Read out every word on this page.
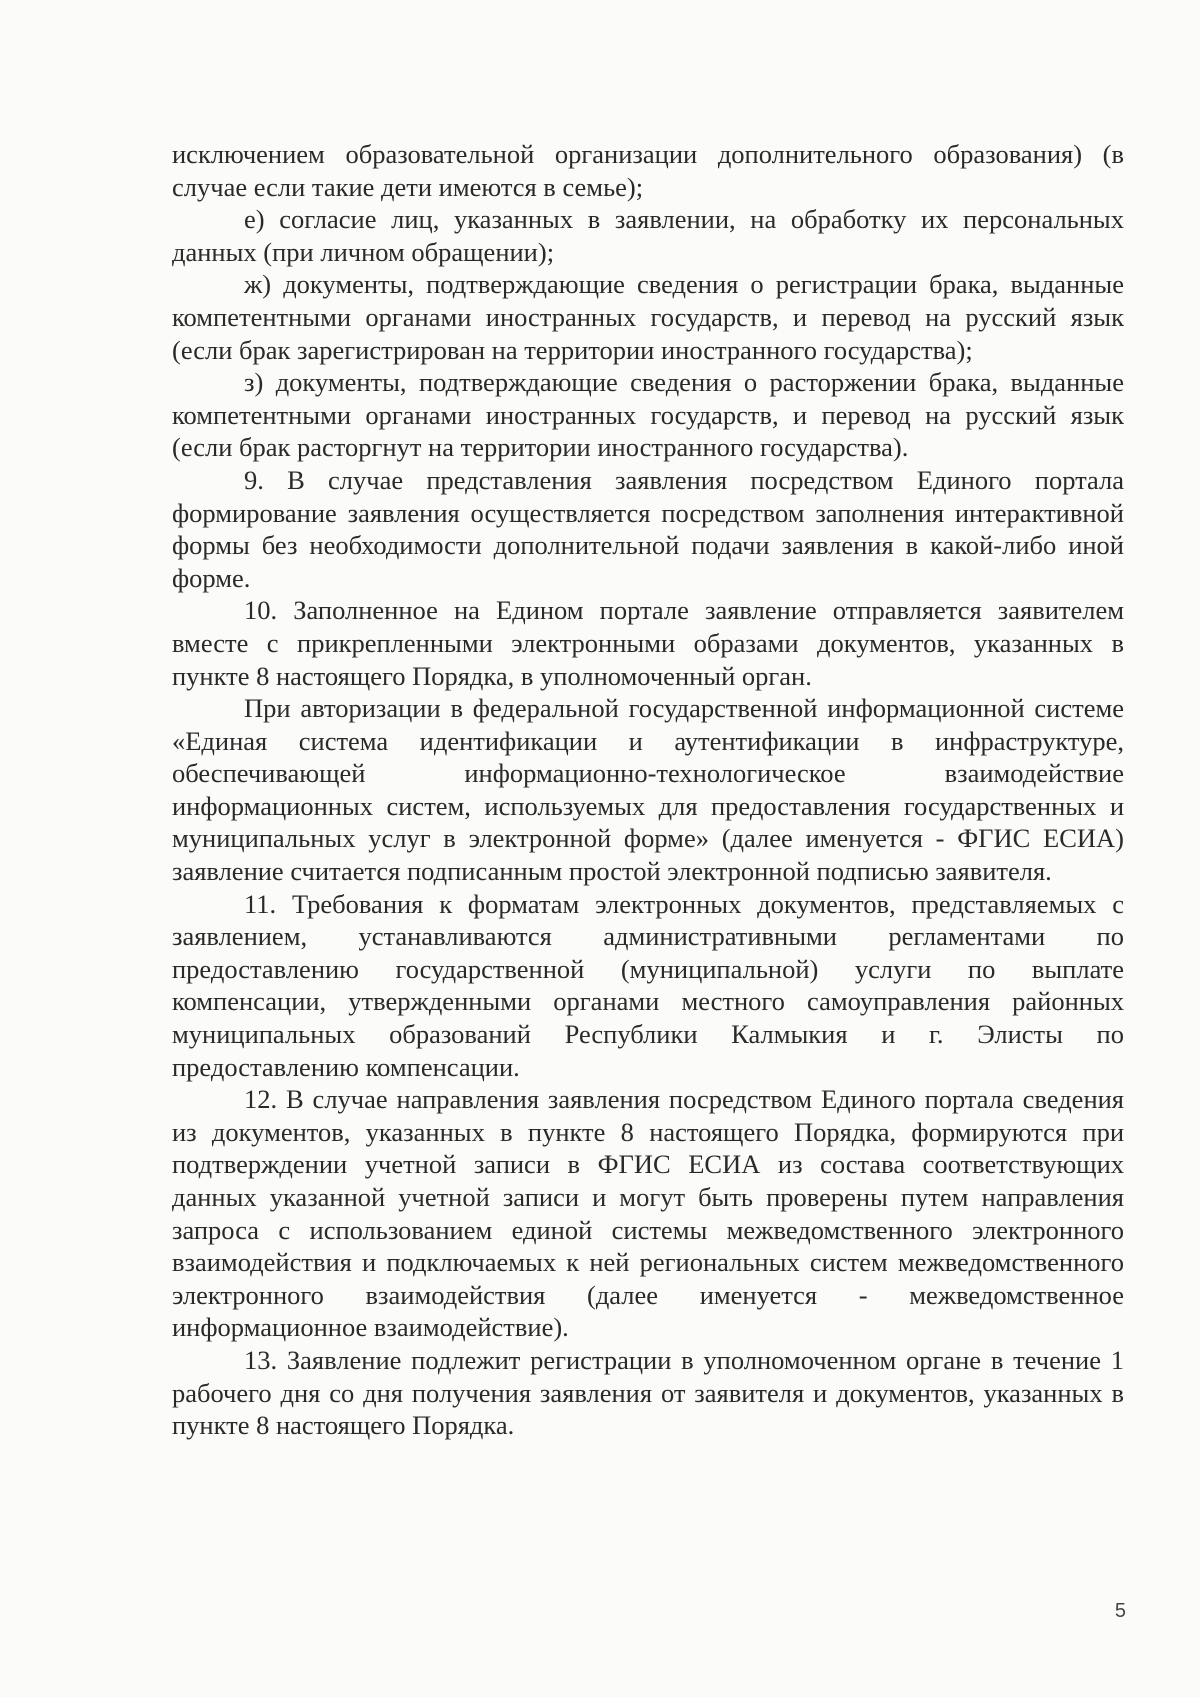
исключением образовательной организации дополнительного образования) (в случае если такие дети имеются в семье);

е) согласие лиц, указанных в заявлении, на обработку их персональных данных (при личном обращении);

ж) документы, подтверждающие сведения о регистрации брака, выданные компетентными органами иностранных государств, и перевод на русский язык (если брак зарегистрирован на территории иностранного государства);

з) документы, подтверждающие сведения о расторжении брака, выданные компетентными органами иностранных государств, и перевод на русский язык (если брак расторгнут на территории иностранного государства).

9. В случае представления заявления посредством Единого портала формирование заявления осуществляется посредством заполнения интерактивной формы без необходимости дополнительной подачи заявления в какой-либо иной форме.

10. Заполненное на Едином портале заявление отправляется заявителем вместе с прикрепленными электронными образами документов, указанных в пункте 8 настоящего Порядка, в уполномоченный орган.

При авторизации в федеральной государственной информационной системе «Единая система идентификации и аутентификации в инфраструктуре, обеспечивающей информационно-технологическое взаимодействие информационных систем, используемых для предоставления государственных и муниципальных услуг в электронной форме» (далее именуется - ФГИС ЕСИА) заявление считается подписанным простой электронной подписью заявителя.

11. Требования к форматам электронных документов, представляемых с заявлением, устанавливаются административными регламентами по предоставлению государственной (муниципальной) услуги по выплате компенсации, утвержденными органами местного самоуправления районных муниципальных образований Республики Калмыкия и г. Элисты по предоставлению компенсации.

12. В случае направления заявления посредством Единого портала сведения из документов, указанных в пункте 8 настоящего Порядка, формируются при подтверждении учетной записи в ФГИС ЕСИА из состава соответствующих данных указанной учетной записи и могут быть проверены путем направления запроса с использованием единой системы межведомственного электронного взаимодействия и подключаемых к ней региональных систем межведомственного электронного взаимодействия (далее именуется - межведомственное информационное взаимодействие).

13. Заявление подлежит регистрации в уполномоченном органе в течение 1 рабочего дня со дня получения заявления от заявителя и документов, указанных в пункте 8 настоящего Порядка.

5
